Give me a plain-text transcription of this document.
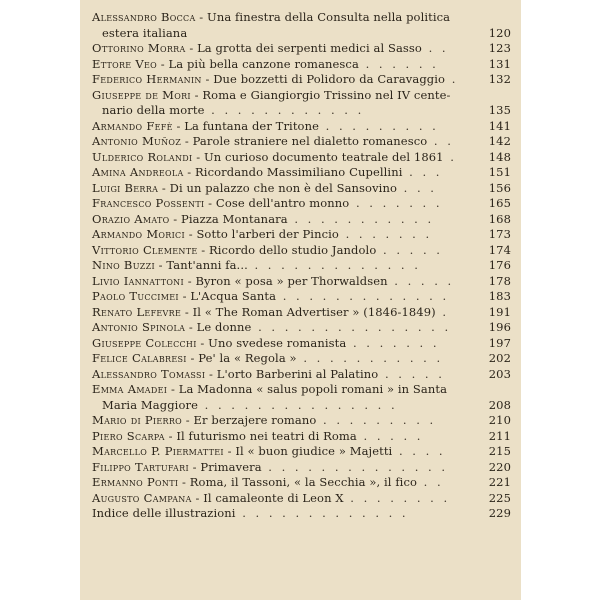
Alessandro Bocca - Una finestra della Consulta nella politica
estera italiana	120
Ottorino Morra - La grotta dei serpenti medici al Sasso . .	123
Ettore Veo - La più bella canzone romanesca . . . . . .	131
Federico Hermanin - Due bozzetti di Polidoro da Caravaggio .	132
Giuseppe de Mori - Roma e Giangiorgio Trissino nel IV cente-
nario della morte . . . . . . . . . . . .	135
Armando Fefè - La funtana der Tritone . . . . . . . . .	141
Antonio Muñoz - Parole straniere nel dialetto romanesco . .	142
Ulderico Rolandi - Un curioso documento teatrale del 1861 .	148
Amina Andreola - Ricordando Massimiliano Cupellini . . .	151
Luigi Berra - Di un palazzo che non è del Sansovino . . .	156
Francesco Possenti - Cose dell'antro monno . . . . . . .	165
Orazio Amato - Piazza Montanara . . . . . . . . . . .	168
Armando Morici - Sotto l'arberi der Pincio . . . . . . .	173
Vittorio Clemente - Ricordo dello studio Jandolo . . . . .	174
Nino Buzzi - Tant'anni fa... . . . . . . . . . . . . .	176
Livio Iannattoni - Byron « posa » per Thorwaldsen . . . . .	178
Paolo Tuccimei - L'Acqua Santa . . . . . . . . . . . . .	183
Renato Lefevre - Il « The Roman Advertiser » (1846-1849) .	191
Antonio Spinola - Le donne . . . . . . . . . . . . . . .	196
Giuseppe Colecchi - Uno svedese romanista . . . . . . .	197
Felice Calabresi - Pe' la « Regola » . . . . . . . . . . .	202
Alessandro Tomassi - L'orto Barberini al Palatino . . . . .	203
Emma Amadei - La Madonna « salus popoli romani » in Santa
Maria Maggiore . . . . . . . . . . . . . . .	208
Mario di Pierro - Er berzajere romano . . . . . . . . .	210
Piero Scarpa - Il futurismo nei teatri di Roma . . . . .	211
Marcello P. Piermattei - Il « buon giudice » Majetti . . . .	215
Filippo Tartufari - Primavera . . . . . . . . . . . . . .	220
Ermanno Ponti - Roma, il Tassoni, « la Secchia », il fico . .	221
Augusto Campana - Il camaleonte di Leon X . . . . . . . .	225
Indice delle illustrazioni . . . . . . . . . . . . .	229
